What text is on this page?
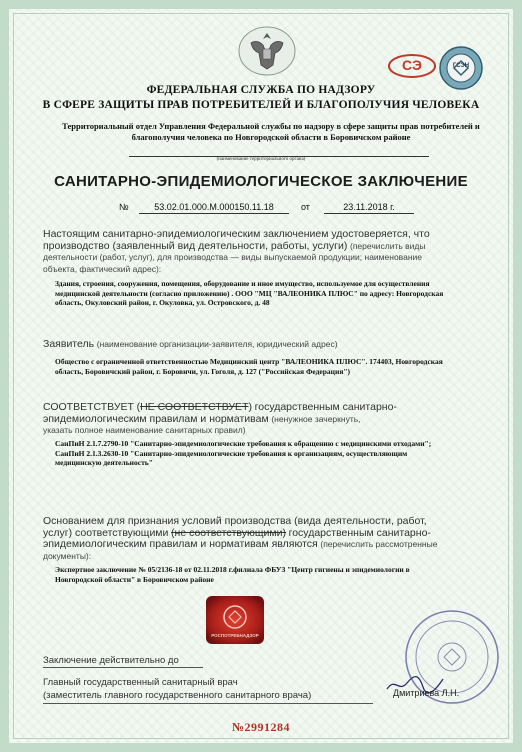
СЭ	ГСЭН
ФЕДЕРАЛЬНАЯ СЛУЖБА ПО НАДЗОРУ
В СФЕРЕ ЗАЩИТЫ ПРАВ ПОТРЕБИТЕЛЕЙ И БЛАГОПОЛУЧИЯ ЧЕЛОВЕКА
Территориальный отдел Управления Федеральной службы по надзору в сфере защиты прав потребителей и
благополучия человека по Новгородской области в Боровичском районе
(наименование территориального органа)
САНИТАРНО-ЭПИДЕМИОЛОГИЧЕСКОЕ ЗАКЛЮЧЕНИЕ
№	53.02.01.000.М.000150.11.18	от	23.11.2018 г.
Настоящим санитарно-эпидемиологическим заключением удостоверяется, что
производство (заявленный вид деятельности, работы, услуги) (перечислить виды
деятельности (работ, услуг), для производства — виды выпускаемой продукции; наименование
объекта, фактический адрес):
Здания, строения, сооружения, помещения, оборудование и иное имущество, используемое для осуществления
медицинской деятельности (согласно приложению) . ООО "МЦ "ВАЛЕОНИКА ПЛЮС" по адресу: Новгородская
область, Окуловский район, г. Окуловка, ул. Островского, д. 48
Заявитель (наименование организации-заявителя, юридический адрес)
Общество с ограниченной ответственностью Медицинский центр "ВАЛЕОНИКА ПЛЮС". 174403, Новгородская
область, Боровичский район, г. Боровичи, ул. Гоголя, д. 127 ("Российская Федерация")
СООТВЕТСТВУЕТ (НЕ СООТВЕТСТВУЕТ) государственным санитарно-
эпидемиологическим правилам и нормативам (ненужное зачеркнуть,
указать полное наименование санитарных правил)
СанПиН 2.1.7.2790-10 "Санитарно-эпидемиологические требования к обращению с медицинскими отходами";
СанПиН 2.1.3.2630-10 "Санитарно-эпидемиологические требования к организациям, осуществляющим
медицинскую деятельность"
Основанием для признания условий производства (вида деятельности, работ,
услуг) соответствующими (не соответствующими) государственным санитарно-
эпидемиологическим правилам и нормативам являются (перечислить рассмотренные
документы):
Экспертное заключение № 05/2136-18 от 02.11.2018 г.филиала ФБУЗ "Центр гигиены и эпидемиологии в
Новгородской области" в Боровичском районе
РОСПОТРЕБНАДЗОР
Заключение действительно до
Главный государственный санитарный врач
(заместитель главного государственного санитарного врача)	Дмитриева Л.Н.
№2991284
